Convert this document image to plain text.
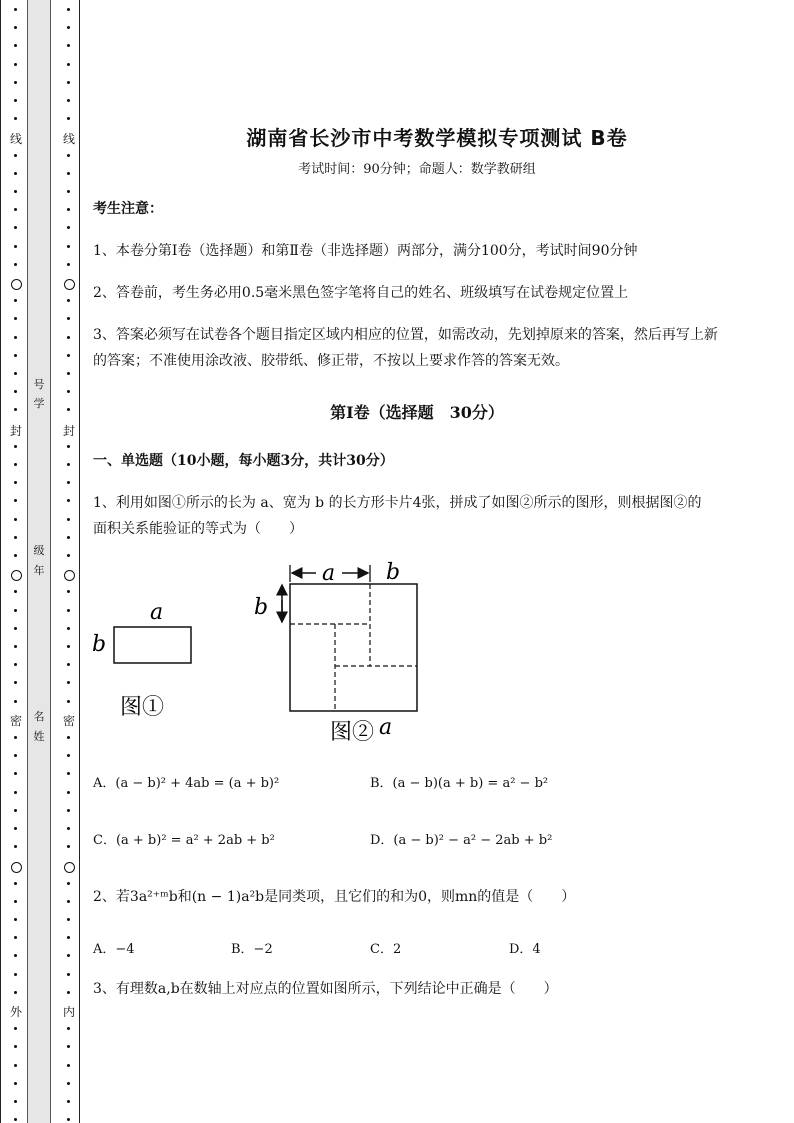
线
封
密
外
线
封
密
内
号
学
级
年
名
姓
湖南省长沙市中考数学模拟专项测试 B卷
考试时间：90分钟；命题人：数学教研组
考生注意：
1、本卷分第I卷（选择题）和第Ⅱ卷（非选择题）两部分，满分100分，考试时间90分钟
2、答卷前，考生务必用0.5毫米黑色签字笔将自己的姓名、班级填写在试卷规定位置上
3、答案必须写在试卷各个题目指定区域内相应的位置，如需改动，先划掉原来的答案，然后再写上新
的答案；不准使用涂改液、胶带纸、修正带，不按以上要求作答的答案无效。
第I卷（选择题　30分）
一、单选题（10小题，每小题3分，共计30分）
1、利用如图①所示的长为 a、宽为 b 的长方形卡片4张，拼成了如图②所示的图形，则根据图②的
面积关系能验证的等式为（　　）
a
b
图①
a b
b
图② a
A．(a − b)² + 4ab = (a + b)²	B．(a − b)(a + b) = a² − b²
C．(a + b)² = a² + 2ab + b²	D．(a − b)² − a² − 2ab + b²
2、若3a²⁺ᵐb和(n − 1)a²b是同类项，且它们的和为0，则mn的值是（　　）
A．−4	B．−2	C．2	D．4
3、有理数a,b在数轴上对应点的位置如图所示，下列结论中正确是（　　）
